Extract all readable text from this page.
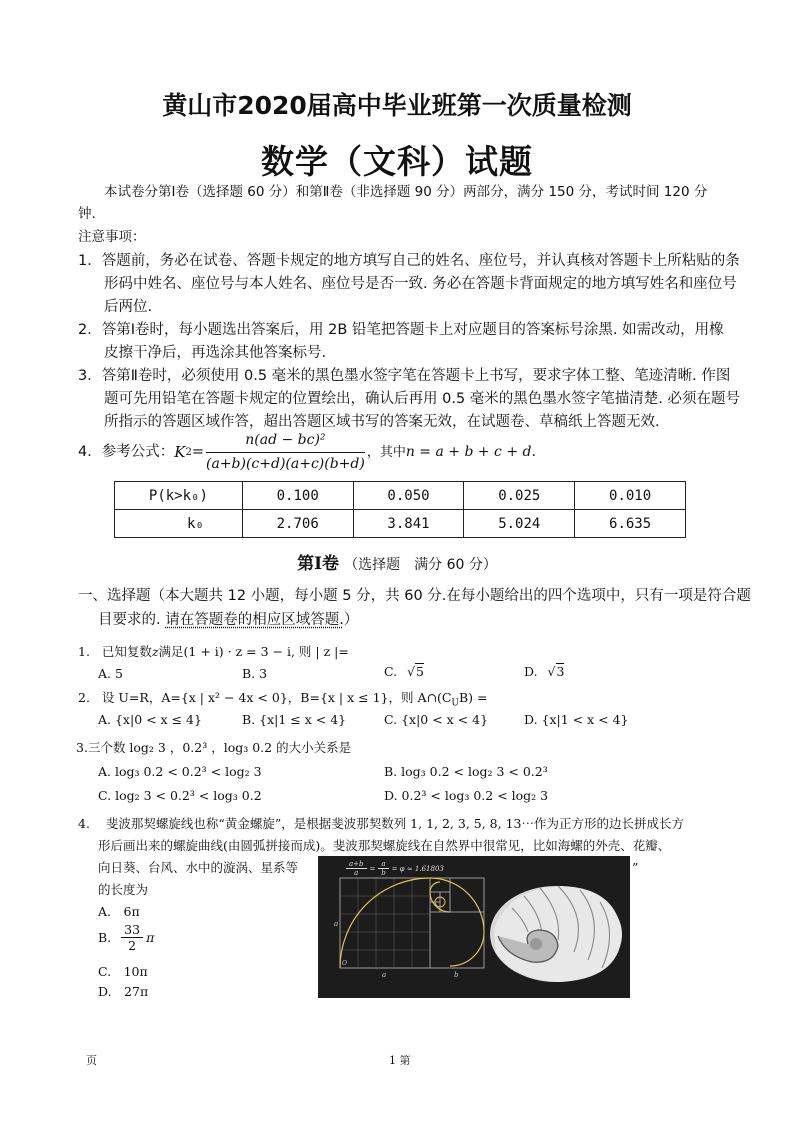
黄山市2020届高中毕业班第一次质量检测
数学（文科）试题
本试卷分第Ⅰ卷（选择题 60 分）和第Ⅱ卷（非选择题 90 分）两部分，满分 150 分，考试时间 120 分
钟.
注意事项：
1．答题前，务必在试卷、答题卡规定的地方填写自己的姓名、座位号，并认真核对答题卡上所粘贴的条
形码中姓名、座位号与本人姓名、座位号是否一致. 务必在答题卡背面规定的地方填写姓名和座位号
后两位.
2．答第Ⅰ卷时，每小题选出答案后，用 2B 铅笔把答题卡上对应题目的答案标号涂黑. 如需改动，用橡
皮擦干净后，再选涂其他答案标号.
3．答第Ⅱ卷时，必须使用 0.5 毫米的黑色墨水签字笔在答题卡上书写，要求字体工整、笔迹清晰. 作图
题可先用铅笔在答题卡规定的位置绘出，确认后再用 0.5 毫米的黑色墨水签字笔描清楚. 必须在题号
所指示的答题区域作答，超出答题区域书写的答案无效，在试题卷、草稿纸上答题无效.
4． 参考公式： K $2 = \frac{\text{n(ad − bc)²}}{(a+b)(c+d)(a+c)(b+d)}$ ，其中 n = a + b + c + d .
P(k>k₀)	0.100	0.050	0.025	0.010
k₀	2.706	3.841	5.024	6.635
第Ⅰ卷 （选择题　满分 60 分）
一、选择题（本大题共 12 小题，每小题 5 分，共 60 分.在每小题给出的四个选项中，只有一项是符合题
目要求的. 请在答题卷的相应区域答题.）
1. 已知复数z满足(1 + i) · z = 3 − i, 则 | z |=
A. 5	B. 3	C. √5	D. √3
2. 设 U=R，A={x | x² − 4x < 0}，B={x | x ≤ 1}，则 $A\cap(C_UB)$ =
A. {x|0 < x ≤ 4}	B. {x|1 ≤ x < 4}	C. {x|0 < x < 4}	D. {x|1 < x < 4}
3.三个数 log₂ 3 ，0.2³ ，log₃ 0.2 的大小关系是
A. log₃ 0.2 < 0.2³ < log₂ 3	B. log₃ 0.2 < log₂ 3 < 0.2³
C. log₂ 3 < 0.2³ < log₃ 0.2	D. 0.2³ < log₃ 0.2 < log₂ 3
4. 斐波那契螺旋线也称“黄金螺旋”，是根据斐波那契数列 1, 1, 2, 3, 5, 8, 13⋯作为正方形的边长拼成长方
形后画出来的螺旋曲线(由圆弧拼接而成)。斐波那契螺旋线在自然界中很常见，比如海螺的外壳、花瓣、
向日葵、台风、水中的漩涡、星系等	”
的长度为
A.　6π
B. $\frac{33}{2}$ π
C.　10π
D.　27π
$\frac{a+b}{a} = \frac{a}{b} = \varphi \approx 1.61803$
a
a	b
O
页	1 第
